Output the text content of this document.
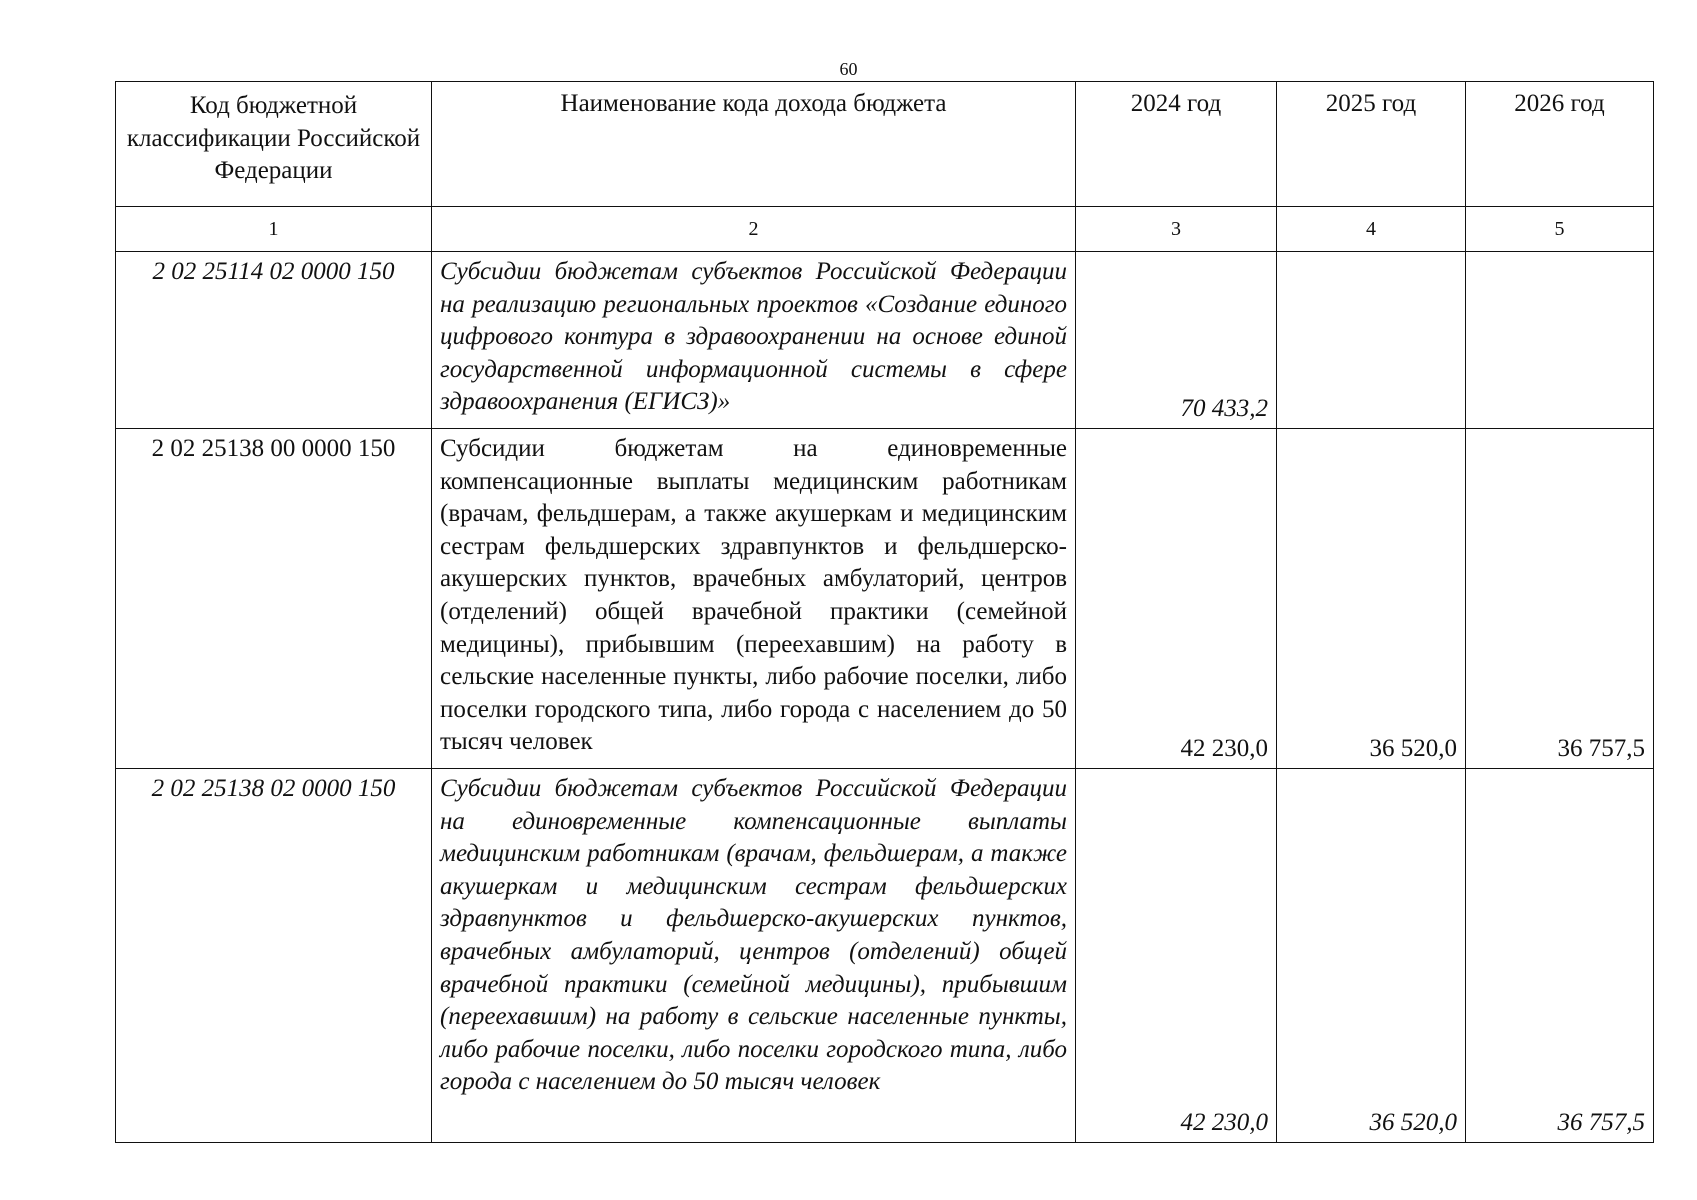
60
Код бюджетной классификации Российской Федерации	Наименование кода дохода бюджета	2024 год	2025 год	2026 год
1	2	3	4	5
2 02 25114 02 0000 150	Субсидии бюджетам субъектов Российской Федерации на реализацию региональных проектов «Создание единого цифрового контура в здравоохранении на основе единой государственной информационной системы в сфере здравоохранения (ЕГИСЗ)»	70 433,2		
2 02 25138 00 0000 150	Субсидии бюджетам на единовременные компенсационные выплаты медицинским работникам (врачам, фельдшерам, а также акушеркам и медицинским сестрам фельдшерских здравпунктов и фельдшерско-акушерских пунктов, врачебных амбулаторий, центров (отделений) общей врачебной практики (семейной медицины), прибывшим (переехавшим) на работу в сельские населенные пункты, либо рабочие поселки, либо поселки городского типа, либо города с населением до 50 тысяч человек	42 230,0	36 520,0	36 757,5
2 02 25138 02 0000 150	Субсидии бюджетам субъектов Российской Федерации на единовременные компенсационные выплаты медицинским работникам (врачам, фельдшерам, а также акушеркам и медицинским сестрам фельдшерских здравпунктов и фельдшерско-акушерских пунктов, врачебных амбулаторий, центров (отделений) общей врачебной практики (семейной медицины), прибывшим (переехавшим) на работу в сельские населенные пункты, либо рабочие поселки, либо поселки городского типа, либо города с населением до 50 тысяч человек	42 230,0	36 520,0	36 757,5
